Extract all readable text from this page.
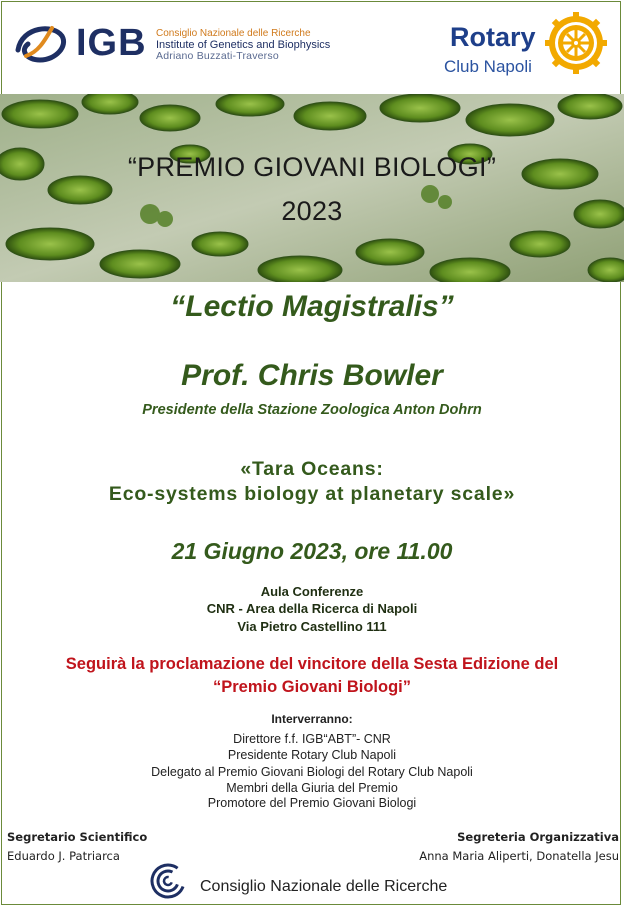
IGB Consiglio Nazionale delle Ricerche
Institute of Genetics and Biophysics
Adriano Buzzati-Traverso
Rotary
Club Napoli
“PREMIO GIOVANI BIOLOGI”
2023
“Lectio Magistralis”
Prof. Chris Bowler
Presidente della Stazione Zoologica Anton Dohrn
«Tara Oceans:
Eco-systems biology at planetary scale»
21 Giugno 2023, ore 11.00
Aula Conferenze
CNR - Area della Ricerca di Napoli
Via Pietro Castellino 111
Seguirà la proclamazione del vincitore della Sesta Edizione del
“Premio Giovani Biologi”
Interverranno:
Direttore f.f. IGB“ABT”- CNR
Presidente Rotary Club Napoli
Delegato al Premio Giovani Biologi del Rotary Club Napoli
Membri della Giuria del Premio
Promotore del Premio Giovani Biologi
Segretario Scientifico
Eduardo J. Patriarca
Segreteria Organizzativa
Anna Maria Aliperti, Donatella Jesu
Consiglio Nazionale delle Ricerche
